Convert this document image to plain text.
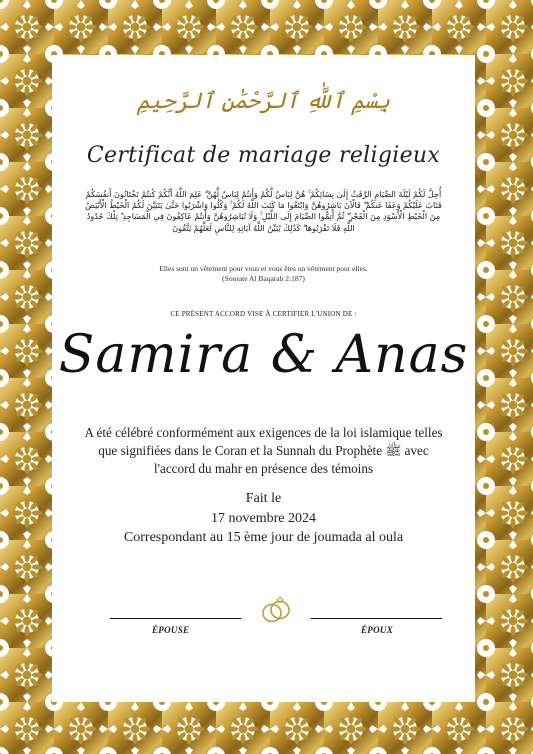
بِسْمِ ٱللَّٰهِ ٱلرَّحْمَٰنِ ٱلرَّحِيمِ
Certificat de mariage religieux
أُحِلَّ لَكُمْ لَيْلَةَ الصِّيَامِ الرَّفَثُ إِلَىٰ نِسَائِكُمْ ۚ هُنَّ لِبَاسٌ لَّكُمْ وَأَنتُمْ لِبَاسٌ لَّهُنَّ ۗ عَلِمَ اللَّهُ أَنَّكُمْ كُنتُمْ تَخْتَانُونَ أَنفُسَكُمْ فَتَابَ عَلَيْكُمْ وَعَفَا عَنكُمْ ۖ فَالْآنَ بَاشِرُوهُنَّ وَابْتَغُوا مَا كَتَبَ اللَّهُ لَكُمْ ۚ وَكُلُوا وَاشْرَبُوا حَتَّىٰ يَتَبَيَّنَ لَكُمُ الْخَيْطُ الْأَبْيَضُ مِنَ الْخَيْطِ الْأَسْوَدِ مِنَ الْفَجْرِ ۖ ثُمَّ أَتِمُّوا الصِّيَامَ إِلَى اللَّيْلِ ۚ وَلَا تُبَاشِرُوهُنَّ وَأَنتُمْ عَاكِفُونَ فِي الْمَسَاجِدِ ۗ تِلْكَ حُدُودُ اللَّهِ فَلَا تَقْرَبُوهَا ۗ كَذَٰلِكَ يُبَيِّنُ اللَّهُ آيَاتِهِ لِلنَّاسِ لَعَلَّهُمْ يَتَّقُونَ
Elles sont un vêtement pour vous et vous êtes un vêtement pour elles.
(Sourate Al Baqarah 2:187)
CE PRÉSENT ACCORD VISE À CERTIFIER L'UNION DE :
Samira & Anas
A été célébré conformément aux exigences de la loi islamique telles que signifiées dans le Coran et la Sunnah du Prophète ﷺ avec l'accord du mahr en présence des témoins
Fait le
17 novembre 2024
Correspondant au 15 ème jour de joumada al oula
ÉPOUSE	ÉPOUX
